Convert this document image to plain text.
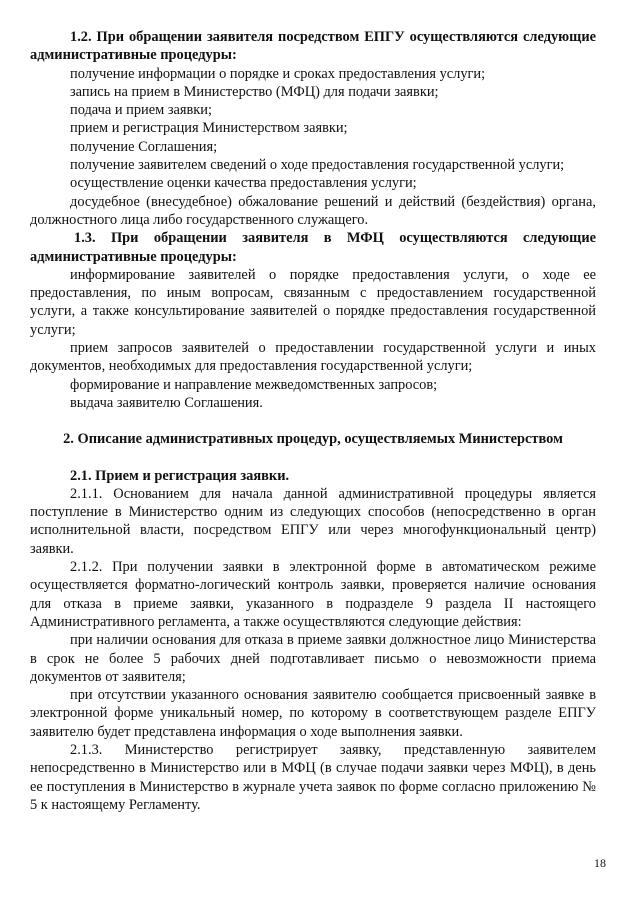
1.2. При обращении заявителя посредством ЕПГУ осуществляются следующие административные процедуры:

получение информации о порядке и сроках предоставления услуги;

запись на прием в Министерство (МФЦ) для подачи заявки;

подача и прием заявки;

прием и регистрация Министерством заявки;

получение Соглашения;

получение заявителем сведений о ходе предоставления государственной услуги;

осуществление оценки качества предоставления услуги;

досудебное (внесудебное) обжалование решений и действий (бездействия) органа, должностного лица либо государственного служащего.

1.3. При обращении заявителя в МФЦ осуществляются следующие административные процедуры:

информирование заявителей о порядке предоставления услуги, о ходе ее предоставления, по иным вопросам, связанным с предоставлением государственной услуги, а также консультирование заявителей о порядке предоставления государственной услуги;

прием запросов заявителей о предоставлении государственной услуги и иных документов, необходимых для предоставления государственной услуги;

формирование и направление межведомственных запросов;

выдача заявителю Соглашения.

2. Описание административных процедур, осуществляемых Министерством

2.1. Прием и регистрация заявки.

2.1.1. Основанием для начала данной административной процедуры является поступление в Министерство одним из следующих способов (непосредственно в орган исполнительной власти, посредством ЕПГУ или через многофункциональный центр) заявки.

2.1.2. При получении заявки в электронной форме в автоматическом режиме осуществляется форматно-логический контроль заявки, проверяется наличие основания для отказа в приеме заявки, указанного в подразделе 9 раздела II настоящего Административного регламента, а также осуществляются следующие действия:

при наличии основания для отказа в приеме заявки должностное лицо Министерства в срок не более 5 рабочих дней подготавливает письмо о невозможности приема документов от заявителя;

при отсутствии указанного основания заявителю сообщается присвоенный заявке в электронной форме уникальный номер, по которому в соответствующем разделе ЕПГУ заявителю будет представлена информация о ходе выполнения заявки.

2.1.3. Министерство регистрирует заявку, представленную заявителем непосредственно в Министерство или в МФЦ (в случае подачи заявки через МФЦ), в день ее поступления в Министерство в журнале учета заявок по форме согласно приложению № 5 к настоящему Регламенту.

18
